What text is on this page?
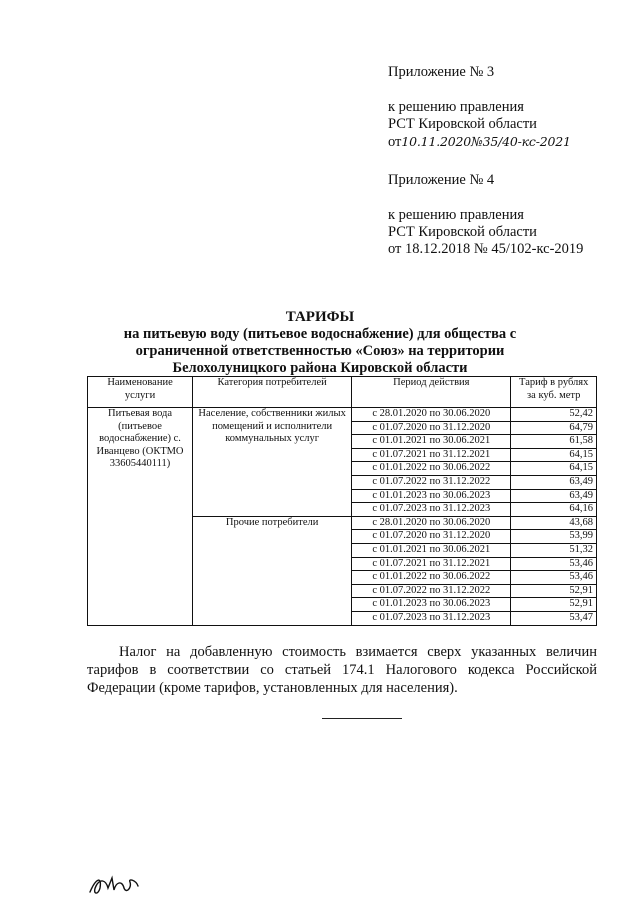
Приложение № 3
к решению правления
РСТ Кировской области
от10.11.2020№35/40-кс-2021
Приложение № 4
к решению правления
РСТ Кировской области
от 18.12.2018 № 45/102-кс-2019
ТАРИФЫ
на питьевую воду (питьевое водоснабжение) для общества с
ограниченной ответственностью «Союз» на территории
Белохолуницкого района Кировской области
Наименование услуги	Категория потребителей	Период действия	Тариф в рублях за куб. метр
Питьевая вода (питьевое водоснабжение) с. Иванцево (ОКТМО 33605440111)	Население, собственники жилых помещений и исполнители коммунальных услуг	с 28.01.2020 по 30.06.2020	52,42
		с 01.07.2020 по 31.12.2020	64,79
		с 01.01.2021 по 30.06.2021	61,58
		с 01.07.2021 по 31.12.2021	64,15
		с 01.01.2022 по 30.06.2022	64,15
		с 01.07.2022 по 31.12.2022	63,49
		с 01.01.2023 по 30.06.2023	63,49
		с 01.07.2023 по 31.12.2023	64,16
	Прочие потребители	с 28.01.2020 по 30.06.2020	43,68
		с 01.07.2020 по 31.12.2020	53,99
		с 01.01.2021 по 30.06.2021	51,32
		с 01.07.2021 по 31.12.2021	53,46
		с 01.01.2022 по 30.06.2022	53,46
		с 01.07.2022 по 31.12.2022	52,91
		с 01.01.2023 по 30.06.2023	52,91
		с 01.07.2023 по 31.12.2023	53,47
Налог на добавленную стоимость взимается сверх указанных величин тарифов в соответствии со статьей 174.1 Налогового кодекса Российской Федерации (кроме тарифов, установленных для населения).
